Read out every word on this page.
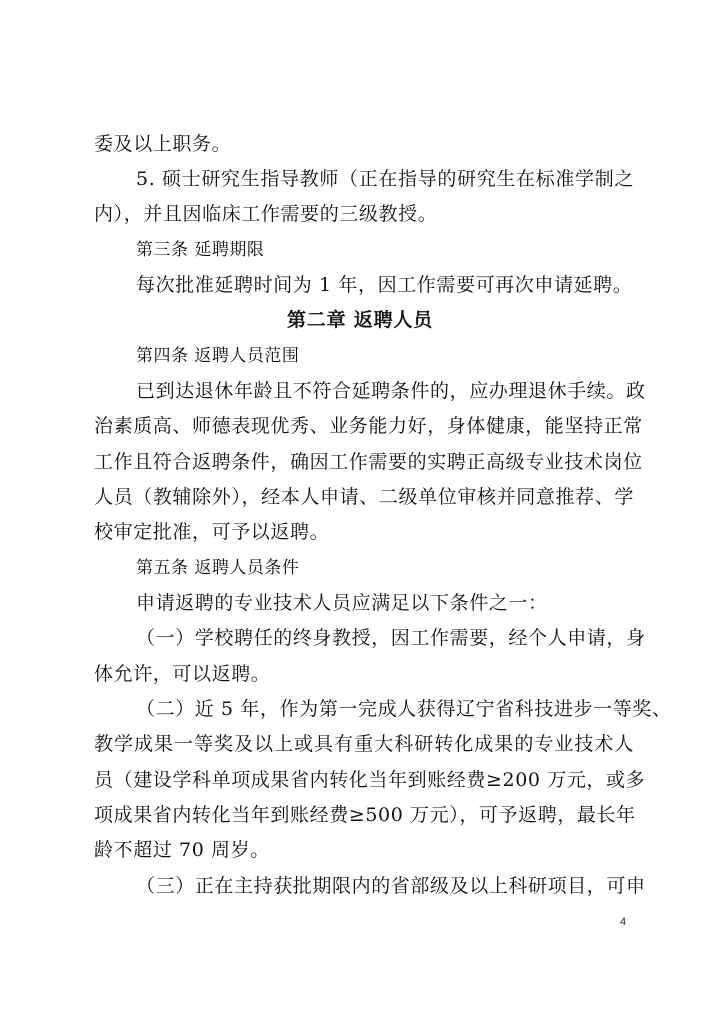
委及以上职务。
5. 硕士研究生指导教师（正在指导的研究生在标准学制之
内），并且因临床工作需要的三级教授。
第三条 延聘期限
每次批准延聘时间为 1 年，因工作需要可再次申请延聘。
第二章 返聘人员
第四条 返聘人员范围
已到达退休年龄且不符合延聘条件的，应办理退休手续。政
治素质高、师德表现优秀、业务能力好，身体健康，能坚持正常
工作且符合返聘条件，确因工作需要的实聘正高级专业技术岗位
人员（教辅除外），经本人申请、二级单位审核并同意推荐、学
校审定批准，可予以返聘。
第五条 返聘人员条件
申请返聘的专业技术人员应满足以下条件之一：
（一）学校聘任的终身教授，因工作需要，经个人申请，身
体允许，可以返聘。
（二）近 5 年，作为第一完成人获得辽宁省科技进步一等奖、
教学成果一等奖及以上或具有重大科研转化成果的专业技术人
员（建设学科单项成果省内转化当年到账经费≥200 万元，或多
项成果省内转化当年到账经费≥500 万元），可予返聘，最长年
龄不超过 70 周岁。
（三）正在主持获批期限内的省部级及以上科研项目，可申
4
